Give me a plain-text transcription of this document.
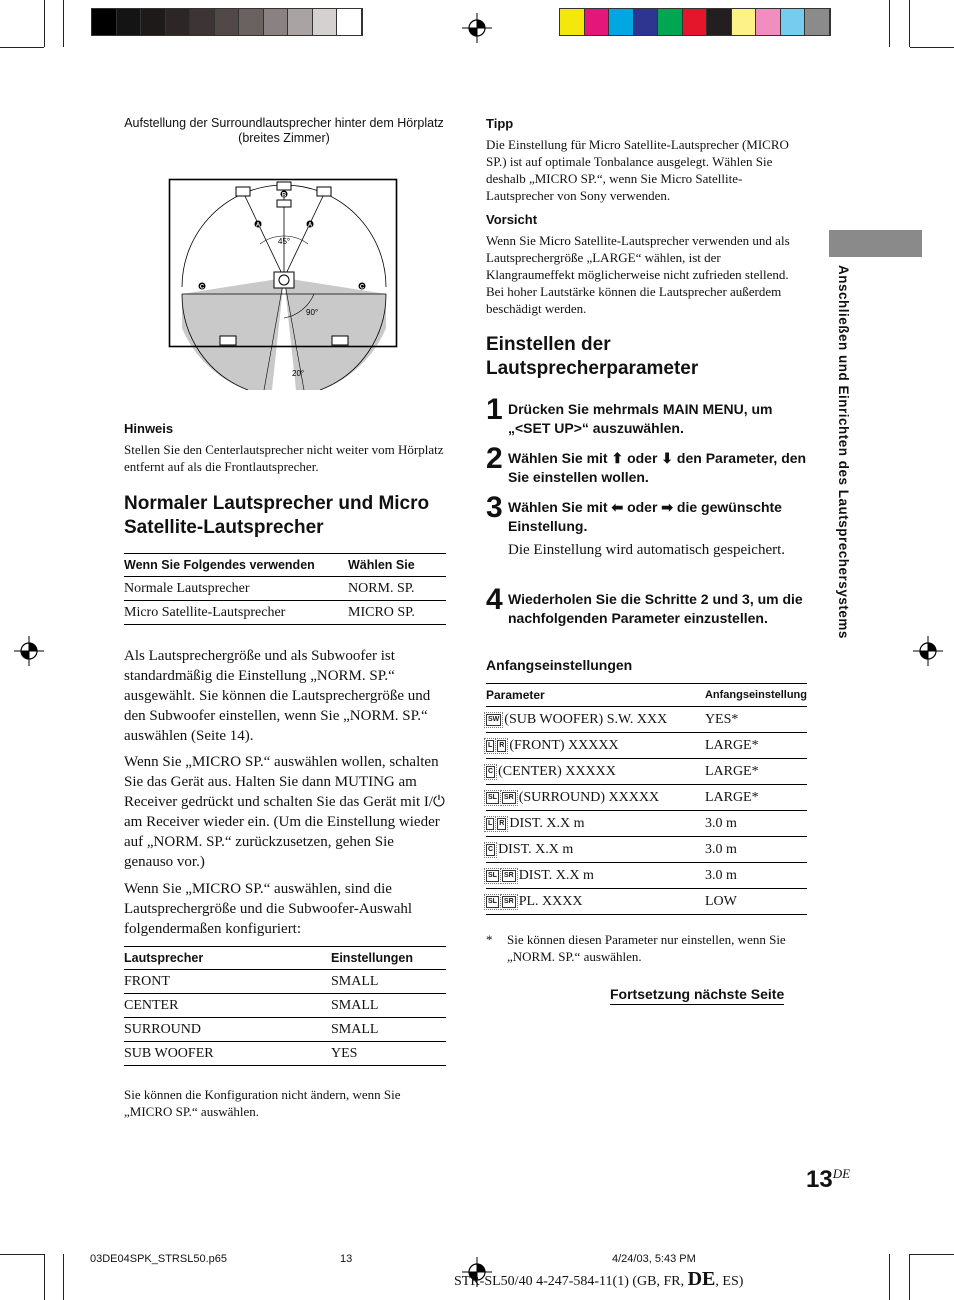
Aufstellung der Surroundlautsprecher hinter dem Hörplatz
(breites Zimmer)
A	A
B
C	C
45°
90°
20°
Hinweis
Stellen Sie den Centerlautsprecher nicht weiter vom Hörplatz entfernt auf als die Frontlautsprecher.
Normaler Lautsprecher und Micro Satellite-Lautsprecher
Wenn Sie Folgendes verwenden	Wählen Sie
Normale Lautsprecher	NORM. SP.
Micro Satellite-Lautsprecher	MICRO SP.
Als Lautsprechergröße und als Subwoofer ist standardmäßig die Einstellung „NORM. SP.“ ausgewählt. Sie können die Lautsprechergröße und den Subwoofer einstellen, wenn Sie „NORM. SP.“ auswählen (Seite 14).
Wenn Sie „MICRO SP.“ auswählen wollen, schalten Sie das Gerät aus. Halten Sie dann MUTING am Receiver gedrückt und schalten Sie das Gerät mit I/⏻ am Receiver wieder ein. (Um die Einstellung wieder auf „NORM. SP.“ zurückzusetzen, gehen Sie genauso vor.)
Wenn Sie „MICRO SP.“ auswählen, sind die Lautsprechergröße und die Subwoofer-Auswahl folgendermaßen konfiguriert:
Lautsprecher	Einstellungen
FRONT	SMALL
CENTER	SMALL
SURROUND	SMALL
SUB WOOFER	YES
Sie können die Konfiguration nicht ändern, wenn Sie „MICRO SP.“ auswählen.
Tipp
Die Einstellung für Micro Satellite-Lautsprecher (MICRO SP.) ist auf optimale Tonbalance ausgelegt. Wählen Sie deshalb „MICRO SP.“, wenn Sie Micro Satellite-Lautsprecher von Sony verwenden.
Vorsicht
Wenn Sie Micro Satellite-Lautsprecher verwenden und als Lautsprechergröße „LARGE“ wählen, ist der Klangraumeffekt möglicherweise nicht zufrieden stellend. Bei hoher Lautstärke können die Lautsprecher außerdem beschädigt werden.
Einstellen der Lautsprecherparameter
1 Drücken Sie mehrmals MAIN MENU, um „<SET UP>“ auszuwählen.
2 Wählen Sie mit ⬆ oder ⬇ den Parameter, den Sie einstellen wollen.
3 Wählen Sie mit ⬅ oder ➡ die gewünschte Einstellung.
Die Einstellung wird automatisch gespeichert.
4 Wiederholen Sie die Schritte 2 und 3, um die nachfolgenden Parameter einzustellen.
Anfangseinstellungen
Parameter	Anfangseinstellung
SW (SUB WOOFER) S.W. XXX	YES*
L R (FRONT) XXXXX	LARGE*
C (CENTER) XXXXX	LARGE*
SL SR (SURROUND) XXXXX	LARGE*
L R DIST. X.X m	3.0 m
C DIST. X.X m	3.0 m
SL SR DIST. X.X m	3.0 m
SL SR PL. XXXX	LOW
* Sie können diesen Parameter nur einstellen, wenn Sie „NORM. SP.“ auswählen.
Fortsetzung nächste Seite
Anschließen und Einrichten des Lautsprechersystems
13DE
03DE04SPK_STRSL50.p65	13	4/24/03, 5:43 PM
STR-SL50/40 4-247-584-11(1) (GB, FR, DE, ES)
